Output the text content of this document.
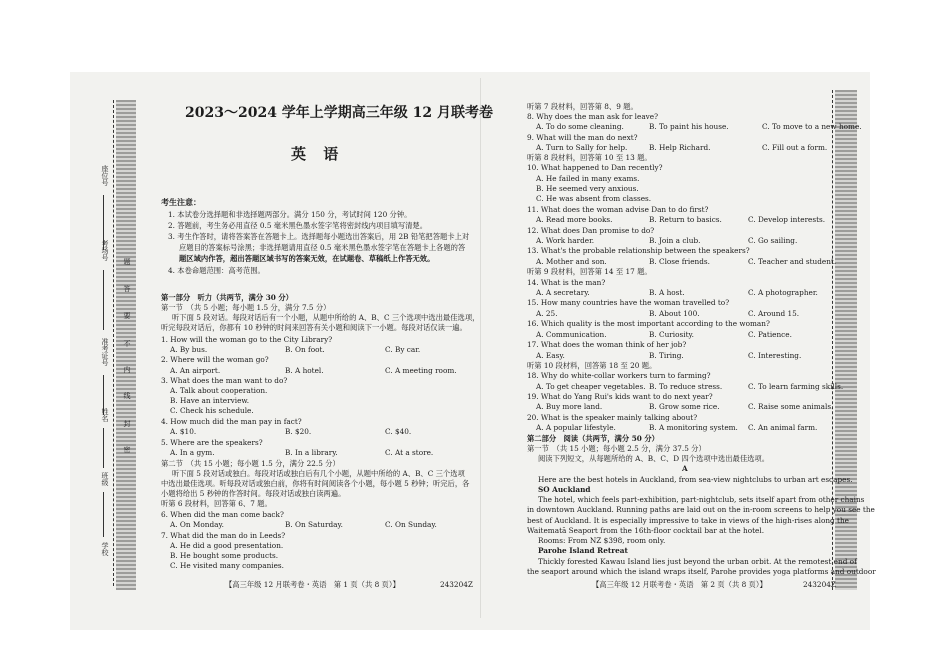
座位号
考场号
准考证号
姓名
班级
学校
题
答
要
不
内
线
封
密
2023～2024 学年上学期高三年级 12 月联考卷
英 语
考生注意：
1. 本试卷分选择题和非选择题两部分。满分 150 分，考试时间 120 分钟。
2. 答题前，考生务必用直径 0.5 毫米黑色墨水签字笔将密封线内项目填写清楚。
3. 考生作答时，请将答案答在答题卡上。选择题每小题选出答案后，用 2B 铅笔把答题卡上对
应题目的答案标号涂黑；非选择题请用直径 0.5 毫米黑色墨水签字笔在答题卡上各题的答
题区域内作答，超出答题区域书写的答案无效，在试题卷、草稿纸上作答无效。
4. 本卷命题范围：高考范围。
第一部分　听力（共两节，满分 30 分）
第一节　（共 5 小题；每小题 1.5 分，满分 7.5 分）
听下面 5 段对话。每段对话后有一个小题，从题中所给的 A、B、C 三个选项中选出最佳选项，
听完每段对话后，你都有 10 秒钟的时间来回答有关小题和阅读下一小题。每段对话仅读一遍。
1. How will the woman go to the City Library?
A. By bus.	B. On foot.	C. By car.
2. Where will the woman go?
A. An airport.	B. A hotel.	C. A meeting room.
3. What does the man want to do?
A. Talk about cooperation.
B. Have an interview.
C. Check his schedule.
4. How much did the man pay in fact?
A. $10.	B. $20.	C. $40.
5. Where are the speakers?
A. In a gym.	B. In a library.	C. At a store.
第二节　（共 15 小题；每小题 1.5 分，满分 22.5 分）
听下面 5 段对话或独白。每段对话或独白后有几个小题，从题中所给的 A、B、C 三个选项
中选出最佳选项。听每段对话或独白前，你将有时间阅读各个小题，每小题 5 秒钟；听完后，各
小题将给出 5 秒钟的作答时间。每段对话或独白读两遍。
听第 6 段材料，回答第 6、7 题。
6. When did the man come back?
A. On Monday.	B. On Saturday.	C. On Sunday.
7. What did the man do in Leeds?
A. He did a good presentation.
B. He bought some products.
C. He visited many companies.
【高三年级 12 月联考卷・英语　第 1 页（共 8 页）】	243204Z
听第 7 段材料，回答第 8、9 题。
8. Why does the man ask for leave?
A. To do some cleaning.	B. To paint his house.	C. To move to a new home.
9. What will the man do next?
A. Turn to Sally for help.	B. Help Richard.	C. Fill out a form.
听第 8 段材料，回答第 10 至 13 题。
10. What happened to Dan recently?
A. He failed in many exams.
B. He seemed very anxious.
C. He was absent from classes.
11. What does the woman advise Dan to do first?
A. Read more books.	B. Return to basics.	C. Develop interests.
12. What does Dan promise to do?
A. Work harder.	B. Join a club.	C. Go sailing.
13. What's the probable relationship between the speakers?
A. Mother and son.	B. Close friends.	C. Teacher and student.
听第 9 段材料，回答第 14 至 17 题。
14. What is the man?
A. A secretary.	B. A host.	C. A photographer.
15. How many countries have the woman travelled to?
A. 25.	B. About 100.	C. Around 15.
16. Which quality is the most important according to the woman?
A. Communication.	B. Curiosity.	C. Patience.
17. What does the woman think of her job?
A. Easy.	B. Tiring.	C. Interesting.
听第 10 段材料，回答第 18 至 20 题。
18. Why do white-collar workers turn to farming?
A. To get cheaper vegetables. B. To reduce stress.	C. To learn farming skills.
19. What do Yang Rui's kids want to do next year?
A. Buy more land.	B. Grow some rice.	C. Raise some animals.
20. What is the speaker mainly talking about?
A. A popular lifestyle.	B. A monitoring system. C. An animal farm.
第二部分　阅读（共两节，满分 50 分）
第一节　（共 15 小题；每小题 2.5 分，满分 37.5 分）
阅读下列短文，从每题所给的 A、B、C、D 四个选项中选出最佳选项。
A
Here are the best hotels in Auckland, from sea-view nightclubs to urban art escapes.
SO Auckland
The hotel, which feels part-exhibition, part-nightclub, sets itself apart from other chains
in downtown Auckland. Running paths are laid out on the in-room screens to help you see the
best of Auckland. It is especially impressive to take in views of the high-rises along the
Waitematā Seaport from the 16th-floor cocktail bar at the hotel.
Rooms: From NZ $398, room only.
Parohe Island Retreat
Thickly forested Kawau Island lies just beyond the urban orbit. At the remotest end of
the seaport around which the island wraps itself, Parohe provides yoga platforms and outdoor
【高三年级 12 月联考卷・英语　第 2 页（共 8 页）】	243204Z
